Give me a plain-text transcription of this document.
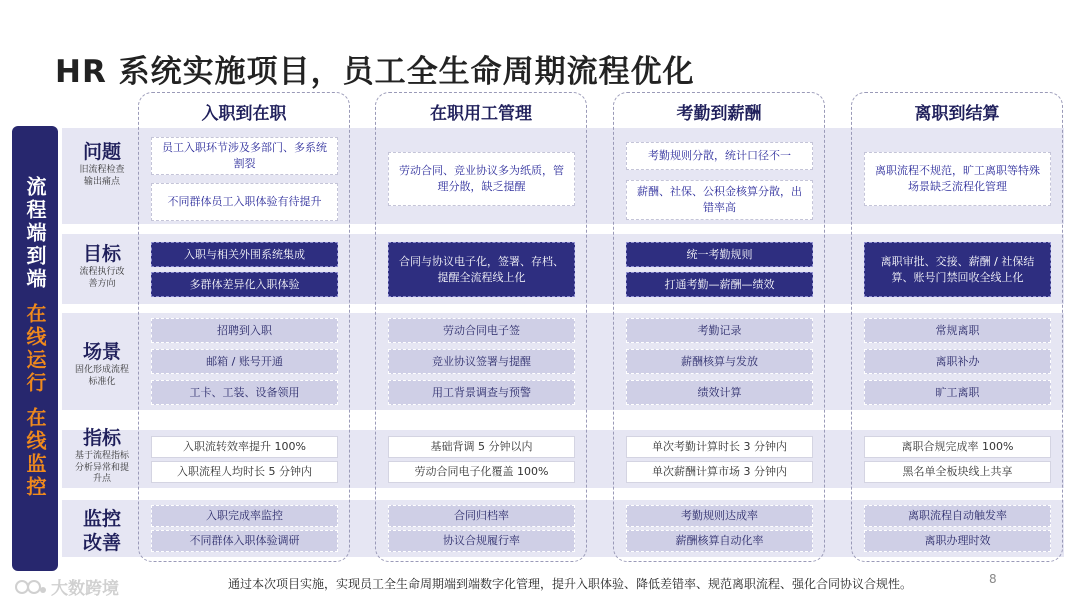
HR 系统实施项目，员工全生命周期流程优化
流程端到端
在线运行
在线监控
问题
旧流程检查输出痛点
目标
流程执行改善方向
场景
固化形成流程标准化
指标
基于流程指标分析异常和提升点
监控改善
入职到在职
员工入职环节涉及多部门、多系统割裂
不同群体员工入职体验有待提升
入职与相关外围系统集成
多群体差异化入职体验
招聘到入职
邮箱 / 账号开通
工卡、工装、设备领用
入职流转效率提升 100%
入职流程人均时长 5 分钟内
入职完成率监控
不同群体入职体验调研
在职用工管理
劳动合同、竞业协议多为纸质，管理分散，缺乏提醒
合同与协议电子化，签署、存档、提醒全流程线上化
劳动合同电子签
竞业协议签署与提醒
用工背景调查与预警
基础背调 5 分钟以内
劳动合同电子化覆盖 100%
合同归档率
协议合规履行率
考勤到薪酬
考勤规则分散，统计口径不一
薪酬、社保、公积金核算分散，出错率高
统一考勤规则
打通考勤—薪酬—绩效
考勤记录
薪酬核算与发放
绩效计算
单次考勤计算时长 3 分钟内
单次薪酬计算市场 3 分钟内
考勤规则达成率
薪酬核算自动化率
离职到结算
离职流程不规范，旷工离职等特殊场景缺乏流程化管理
离职审批、交接、薪酬 / 社保结算、账号门禁回收全线上化
常规离职
离职补办
旷工离职
离职合规完成率 100%
黑名单全板块线上共享
离职流程自动触发率
离职办理时效
通过本次项目实施，实现员工全生命周期端到端数字化管理，提升入职体验、降低差错率、规范离职流程、强化合同协议合规性。	8
大数跨境
